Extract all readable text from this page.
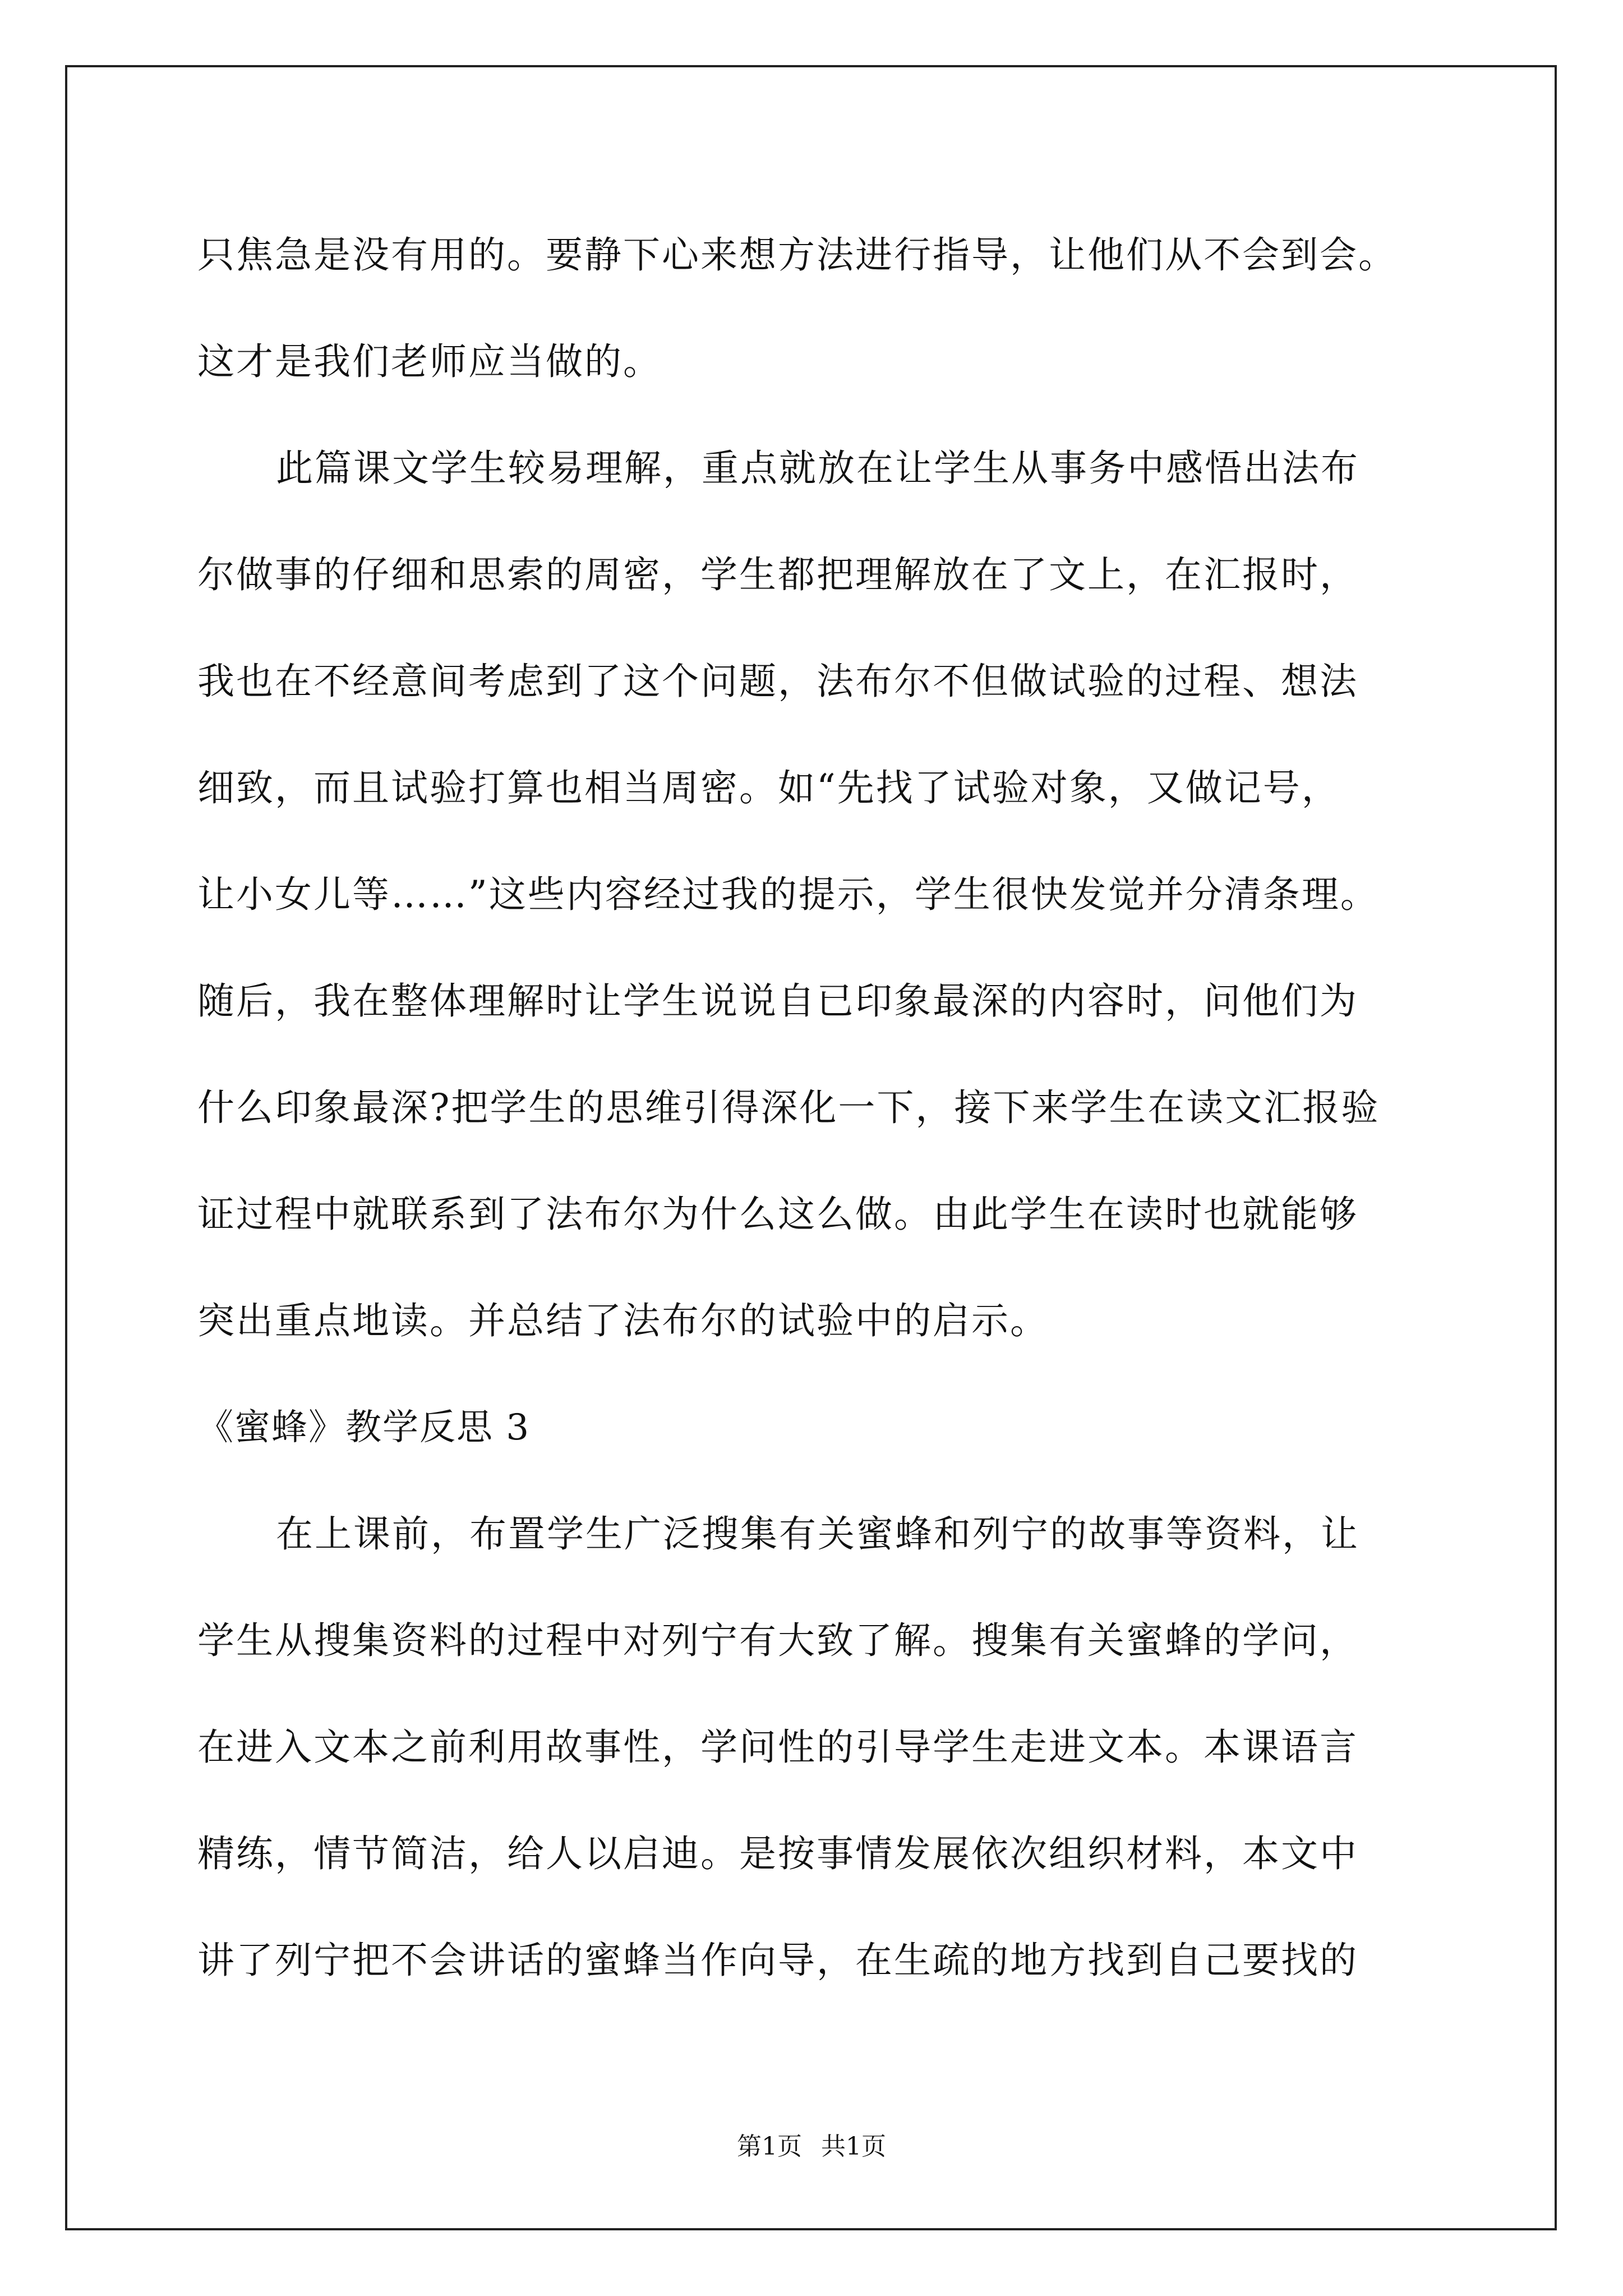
只焦急是没有用的。要静下心来想方法进行指导，让他们从不会到会。
这才是我们老师应当做的。
此篇课文学生较易理解，重点就放在让学生从事务中感悟出法布
尔做事的仔细和思索的周密，学生都把理解放在了文上，在汇报时，
我也在不经意间考虑到了这个问题，法布尔不但做试验的过程、想法
细致，而且试验打算也相当周密。如“先找了试验对象，又做记号，
让小女儿等……”这些内容经过我的提示，学生很快发觉并分清条理。
随后，我在整体理解时让学生说说自已印象最深的内容时，问他们为
什么印象最深?把学生的思维引得深化一下，接下来学生在读文汇报验
证过程中就联系到了法布尔为什么这么做。由此学生在读时也就能够
突出重点地读。并总结了法布尔的试验中的启示。
《蜜蜂》教学反思 3
在上课前，布置学生广泛搜集有关蜜蜂和列宁的故事等资料，让
学生从搜集资料的过程中对列宁有大致了解。搜集有关蜜蜂的学问，
在进入文本之前利用故事性，学问性的引导学生走进文本。本课语言
精练，情节简洁，给人以启迪。是按事情发展依次组织材料，本文中
讲了列宁把不会讲话的蜜蜂当作向导，在生疏的地方找到自己要找的
第1页 共1页
